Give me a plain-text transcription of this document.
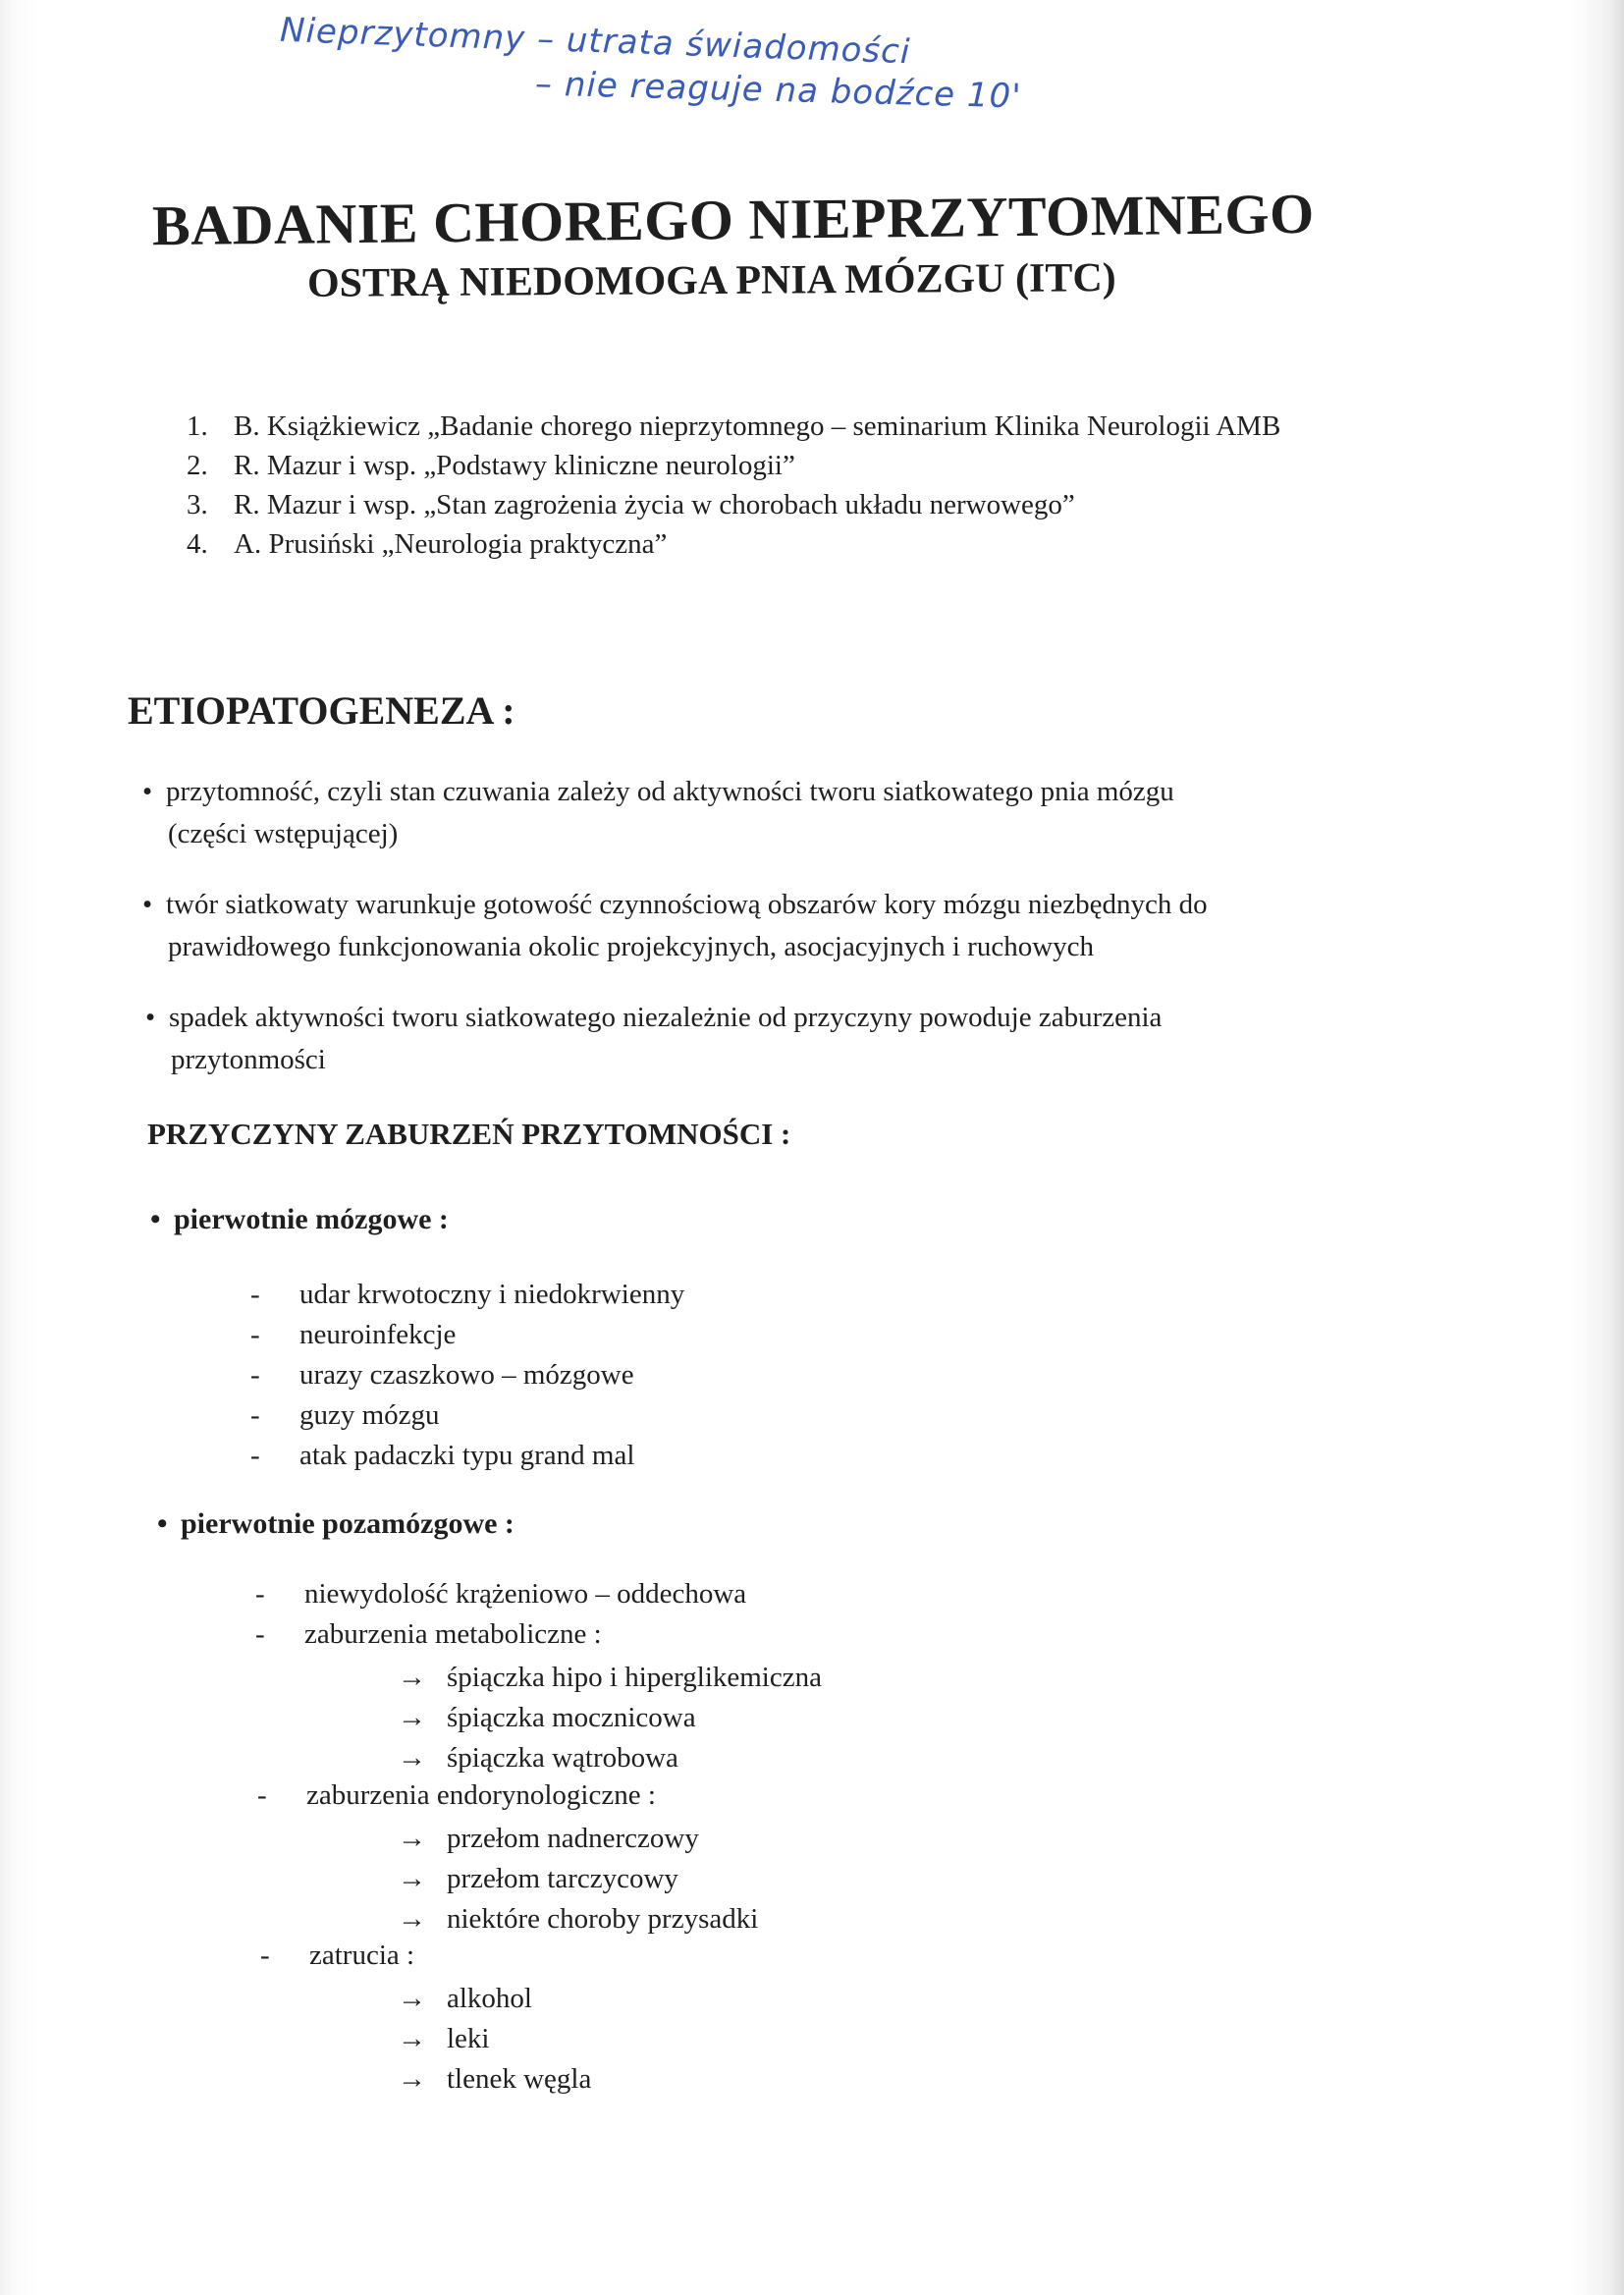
Nieprzytomny – utrata świadomości
– nie reaguje na bodźce 10'
BADANIE CHOREGO NIEPRZYTOMNEGO
OSTRĄ NIEDOMOGA PNIA MÓZGU (ITC)
1. B. Książkiewicz „Badanie chorego nieprzytomnego – seminarium Klinika Neurologii AMB
2. R. Mazur i wsp. „Podstawy kliniczne neurologii”
3. R. Mazur i wsp. „Stan zagrożenia życia w chorobach układu nerwowego”
4. A. Prusiński „Neurologia praktyczna”
ETIOPATOGENEZA :
• przytomność, czyli stan czuwania zależy od aktywności tworu siatkowatego pnia mózgu
(części wstępującej)
• twór siatkowaty warunkuje gotowość czynnościową obszarów kory mózgu niezbędnych do
prawidłowego funkcjonowania okolic projekcyjnych, asocjacyjnych i ruchowych
• spadek aktywności tworu siatkowatego niezależnie od przyczyny powoduje zaburzenia
przytonmości
PRZYCZYNY ZABURZEŃ PRZYTOMNOŚCI :
• pierwotnie mózgowe :
- udar krwotoczny i niedokrwienny
- neuroinfekcje
- urazy czaszkowo – mózgowe
- guzy mózgu
- atak padaczki typu grand mal
• pierwotnie pozamózgowe :
- niewydolość krążeniowo – oddechowa
- zaburzenia metaboliczne :
→ śpiączka hipo i hiperglikemiczna
→ śpiączka mocznicowa
→ śpiączka wątrobowa
- zaburzenia endorynologiczne :
→ przełom nadnerczowy
→ przełom tarczycowy
→ niektóre choroby przysadki
- zatrucia :
→ alkohol
→ leki
→ tlenek węgla
